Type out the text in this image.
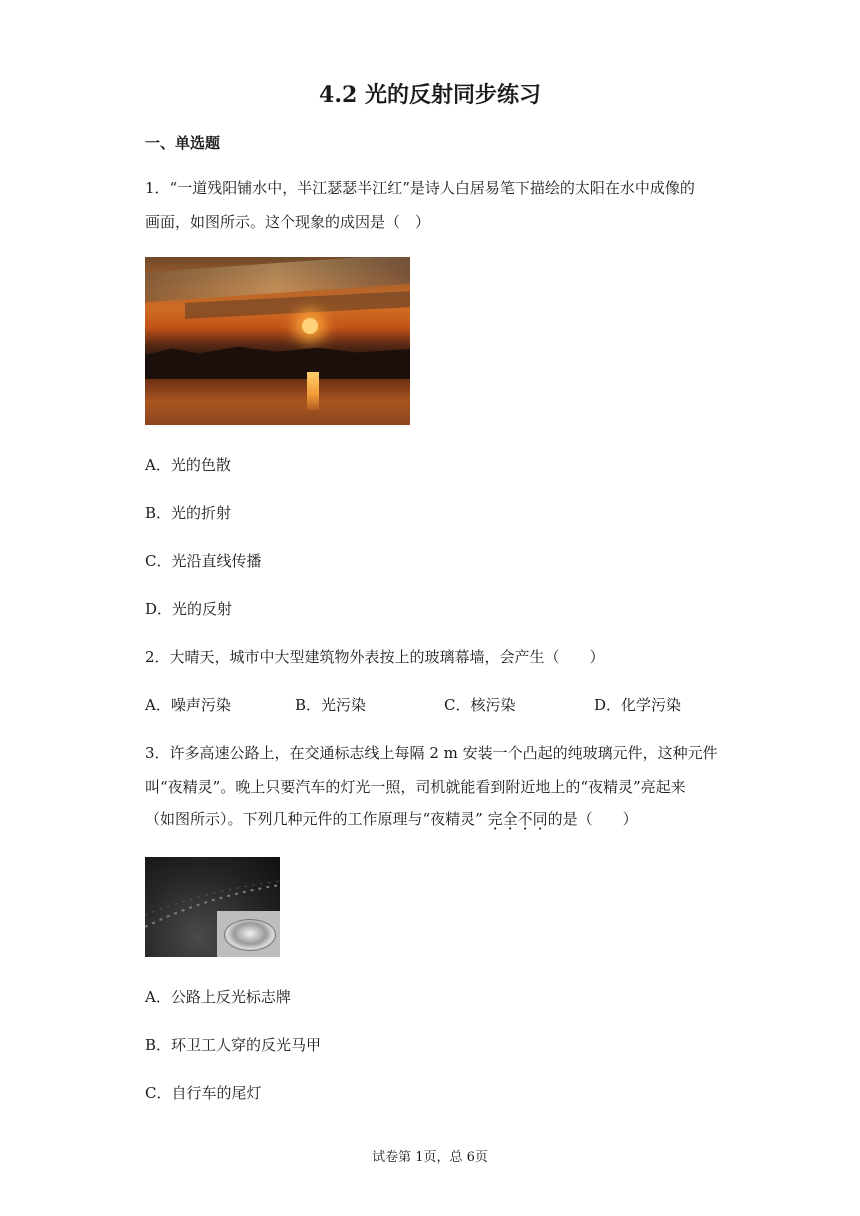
4.2 光的反射同步练习
一、单选题
1．“一道残阳铺水中，半江瑟瑟半江红”是诗人白居易笔下描绘的太阳在水中成像的
画面，如图所示。这个现象的成因是（　）
A．光的色散
B．光的折射
C．光沿直线传播
D．光的反射
2．大晴天，城市中大型建筑物外表按上的玻璃幕墙，会产生（　　）
A．噪声污染	B．光污染	C．核污染	D．化学污染
3．许多高速公路上，在交通标志线上每隔 2 m 安装一个凸起的纯玻璃元件，这种元件
叫“夜精灵”。晚上只要汽车的灯光一照，司机就能看到附近地上的“夜精灵”亮起来
（如图所示）。下列几种元件的工作原理与“夜精灵” 完全不同的是（　　）
A．公路上反光标志牌
B．环卫工人穿的反光马甲
C．自行车的尾灯
试卷第 1页，总 6页
